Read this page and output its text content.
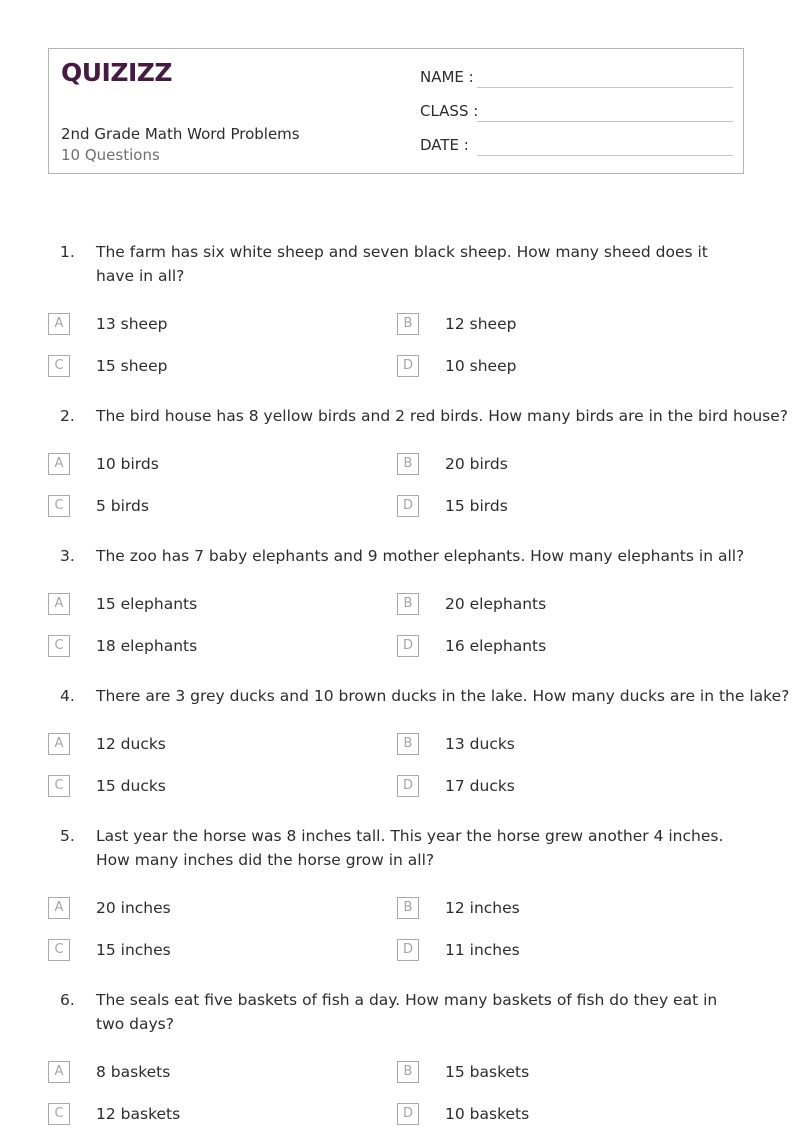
QUIZIZZ
2nd Grade Math Word Problems
10 Questions
NAME :
CLASS :
DATE :
1. The farm has six white sheep and seven black sheep. How many sheed does it have in all?
A	13 sheep	B	12 sheep
C	15 sheep	D	10 sheep
2. The bird house has 8 yellow birds and 2 red birds. How many birds are in the bird house?
A	10 birds	B	20 birds
C	5 birds	D	15 birds
3. The zoo has 7 baby elephants and 9 mother elephants. How many elephants in all?
A	15 elephants	B	20 elephants
C	18 elephants	D	16 elephants
4. There are 3 grey ducks and 10 brown ducks in the lake. How many ducks are in the lake?
A	12 ducks	B	13 ducks
C	15 ducks	D	17 ducks
5. Last year the horse was 8 inches tall. This year the horse grew another 4 inches. How many inches did the horse grow in all?
A	20 inches	B	12 inches
C	15 inches	D	11 inches
6. The seals eat five baskets of fish a day. How many baskets of fish do they eat in two days?
A	8 baskets	B	15 baskets
C	12 baskets	D	10 baskets
